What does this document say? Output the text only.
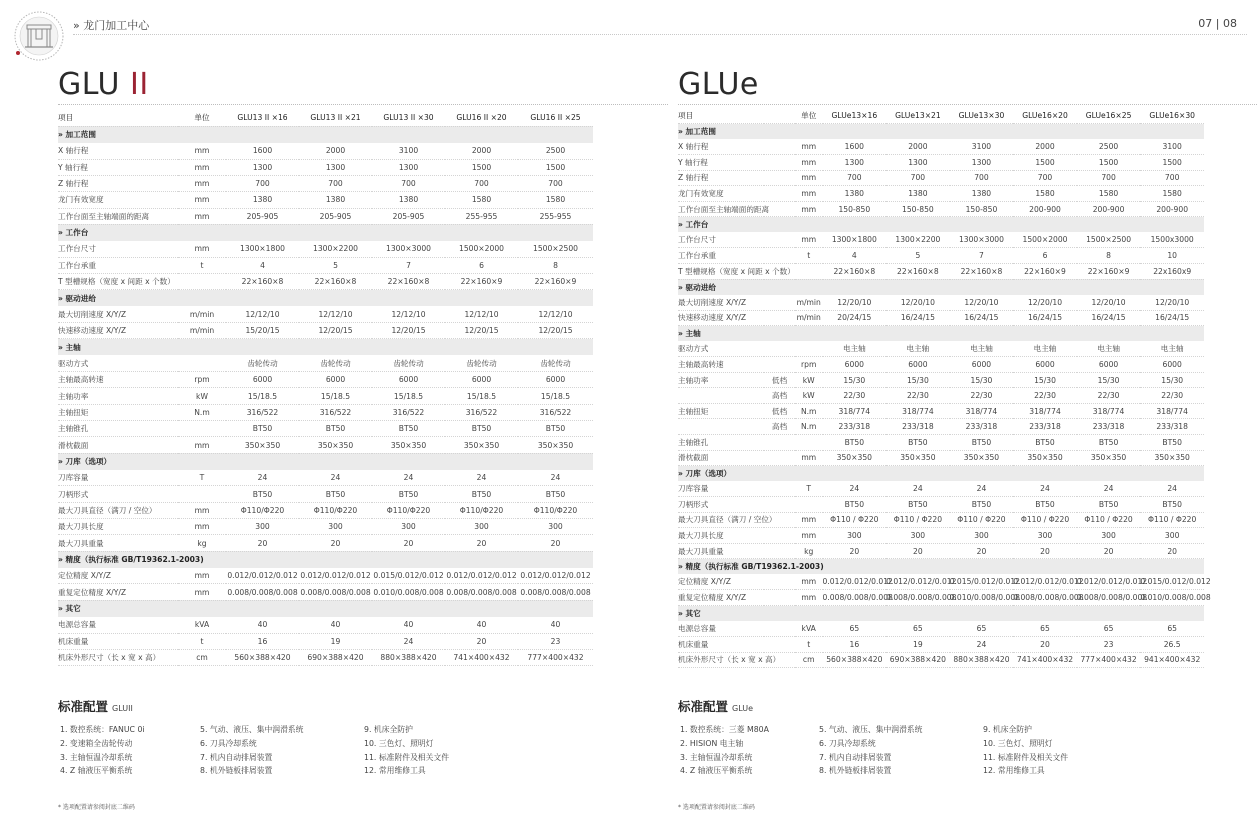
» 龙门加工中心	07 | 08
GLU II
项目	单位	GLU13 II ×16	GLU13 II ×21	GLU13 II ×30	GLU16 II ×20	GLU16 II ×25
» 加工范围						
X 轴行程	mm	1600	2000	3100	2000	2500
Y 轴行程	mm	1300	1300	1300	1500	1500
Z 轴行程	mm	700	700	700	700	700
龙门有效宽度	mm	1380	1380	1380	1580	1580
工作台面至主轴端面的距离	mm	205-905	205-905	205-905	255-955	255-955
» 工作台						
工作台尺寸	mm	1300×1800	1300×2200	1300×3000	1500×2000	1500×2500
工作台承重	t	4	5	7	6	8
T 型槽规格（宽度 x 间距 x 个数）		22×160×8	22×160×8	22×160×8	22×160×9	22×160×9
» 驱动进给						
最大切削速度 X/Y/Z	m/min	12/12/10	12/12/10	12/12/10	12/12/10	12/12/10
快速移动速度 X/Y/Z	m/min	15/20/15	12/20/15	12/20/15	12/20/15	12/20/15
» 主轴						
驱动方式		齿轮传动	齿轮传动	齿轮传动	齿轮传动	齿轮传动
主轴最高转速	rpm	6000	6000	6000	6000	6000
主轴功率	kW	15/18.5	15/18.5	15/18.5	15/18.5	15/18.5
主轴扭矩	N.m	316/522	316/522	316/522	316/522	316/522
主轴锥孔		BT50	BT50	BT50	BT50	BT50
滑枕截面	mm	350×350	350×350	350×350	350×350	350×350
» 刀库（选项）						
刀库容量	T	24	24	24	24	24
刀柄形式		BT50	BT50	BT50	BT50	BT50
最大刀具直径（满刀 / 空位）	mm	Φ110/Φ220	Φ110/Φ220	Φ110/Φ220	Φ110/Φ220	Φ110/Φ220
最大刀具长度	mm	300	300	300	300	300
最大刀具重量	kg	20	20	20	20	20
» 精度（执行标准 GB/T19362.1-2003)						
定位精度 X/Y/Z	mm	0.012/0.012/0.012	0.012/0.012/0.012	0.015/0.012/0.012	0.012/0.012/0.012	0.012/0.012/0.012
重复定位精度 X/Y/Z	mm	0.008/0.008/0.008	0.008/0.008/0.008	0.010/0.008/0.008	0.008/0.008/0.008	0.008/0.008/0.008
» 其它						
电源总容量	kVA	40	40	40	40	40
机床重量	t	16	19	24	20	23
机床外形尺寸（长 x 宽 x 高）	cm	560×388×420	690×388×420	880×388×420	741×400×432	777×400×432
标准配置 GLUII
1. 数控系统：FANUC 0i
2. 变速箱全齿轮传动
3. 主轴恒温冷却系统
4. Z 轴液压平衡系统
5. 气动、液压、集中润滑系统
6. 刀具冷却系统
7. 机内自动排屑装置
8. 机外链板排屑装置
9. 机床全防护
10. 三色灯、照明灯
11. 标准附件及相关文件
12. 常用维修工具
* 选项配置请参阅封底二维码
GLUe
项目		单位	GLUe13×16	GLUe13×21	GLUe13×30	GLUe16×20	GLUe16×25	GLUe16×30
» 加工范围								
X 轴行程		mm	1600	2000	3100	2000	2500	3100
Y 轴行程		mm	1300	1300	1300	1500	1500	1500
Z 轴行程		mm	700	700	700	700	700	700
龙门有效宽度		mm	1380	1380	1380	1580	1580	1580
工作台面至主轴端面的距离		mm	150-850	150-850	150-850	200-900	200-900	200-900
» 工作台								
工作台尺寸		mm	1300×1800	1300×2200	1300×3000	1500×2000	1500×2500	1500x3000
工作台承重		t	4	5	7	6	8	10
T 型槽规格（宽度 x 间距 x 个数）			22×160×8	22×160×8	22×160×8	22×160×9	22×160×9	22x160x9
» 驱动进给								
最大切削速度 X/Y/Z		m/min	12/20/10	12/20/10	12/20/10	12/20/10	12/20/10	12/20/10
快速移动速度 X/Y/Z		m/min	20/24/15	16/24/15	16/24/15	16/24/15	16/24/15	16/24/15
» 主轴								
驱动方式			电主轴	电主轴	电主轴	电主轴	电主轴	电主轴
主轴最高转速		rpm	6000	6000	6000	6000	6000	6000
主轴功率	低档	kW	15/30	15/30	15/30	15/30	15/30	15/30
	高档	kW	22/30	22/30	22/30	22/30	22/30	22/30
主轴扭矩	低档	N.m	318/774	318/774	318/774	318/774	318/774	318/774
	高档	N.m	233/318	233/318	233/318	233/318	233/318	233/318
主轴锥孔			BT50	BT50	BT50	BT50	BT50	BT50
滑枕截面		mm	350×350	350×350	350×350	350×350	350×350	350×350
» 刀库（选项）								
刀库容量		T	24	24	24	24	24	24
刀柄形式			BT50	BT50	BT50	BT50	BT50	BT50
最大刀具直径（满刀 / 空位）		mm	Φ110 / Φ220	Φ110 / Φ220	Φ110 / Φ220	Φ110 / Φ220	Φ110 / Φ220	Φ110 / Φ220
最大刀具长度		mm	300	300	300	300	300	300
最大刀具重量		kg	20	20	20	20	20	20
» 精度（执行标准 GB/T19362.1-2003)								
定位精度 X/Y/Z		mm	0.012/0.012/0.012	0.012/0.012/0.012	0.015/0.012/0.012	0.012/0.012/0.012	0.012/0.012/0.012	0.015/0.012/0.012
重复定位精度 X/Y/Z		mm	0.008/0.008/0.008	0.008/0.008/0.008	0.010/0.008/0.008	0.008/0.008/0.008	0.008/0.008/0.008	0.010/0.008/0.008
» 其它								
电源总容量		kVA	65	65	65	65	65	65
机床重量		t	16	19	24	20	23	26.5
机床外形尺寸（长 x 宽 x 高）		cm	560×388×420	690×388×420	880×388×420	741×400×432	777×400×432	941×400×432
标准配置 GLUe
1. 数控系统：三菱 M80A
2. HISION 电主轴
3. 主轴恒温冷却系统
4. Z 轴液压平衡系统
5. 气动、液压、集中润滑系统
6. 刀具冷却系统
7. 机内自动排屑装置
8. 机外链板排屑装置
9. 机床全防护
10. 三色灯、照明灯
11. 标准附件及相关文件
12. 常用维修工具
* 选项配置请参阅封底二维码
